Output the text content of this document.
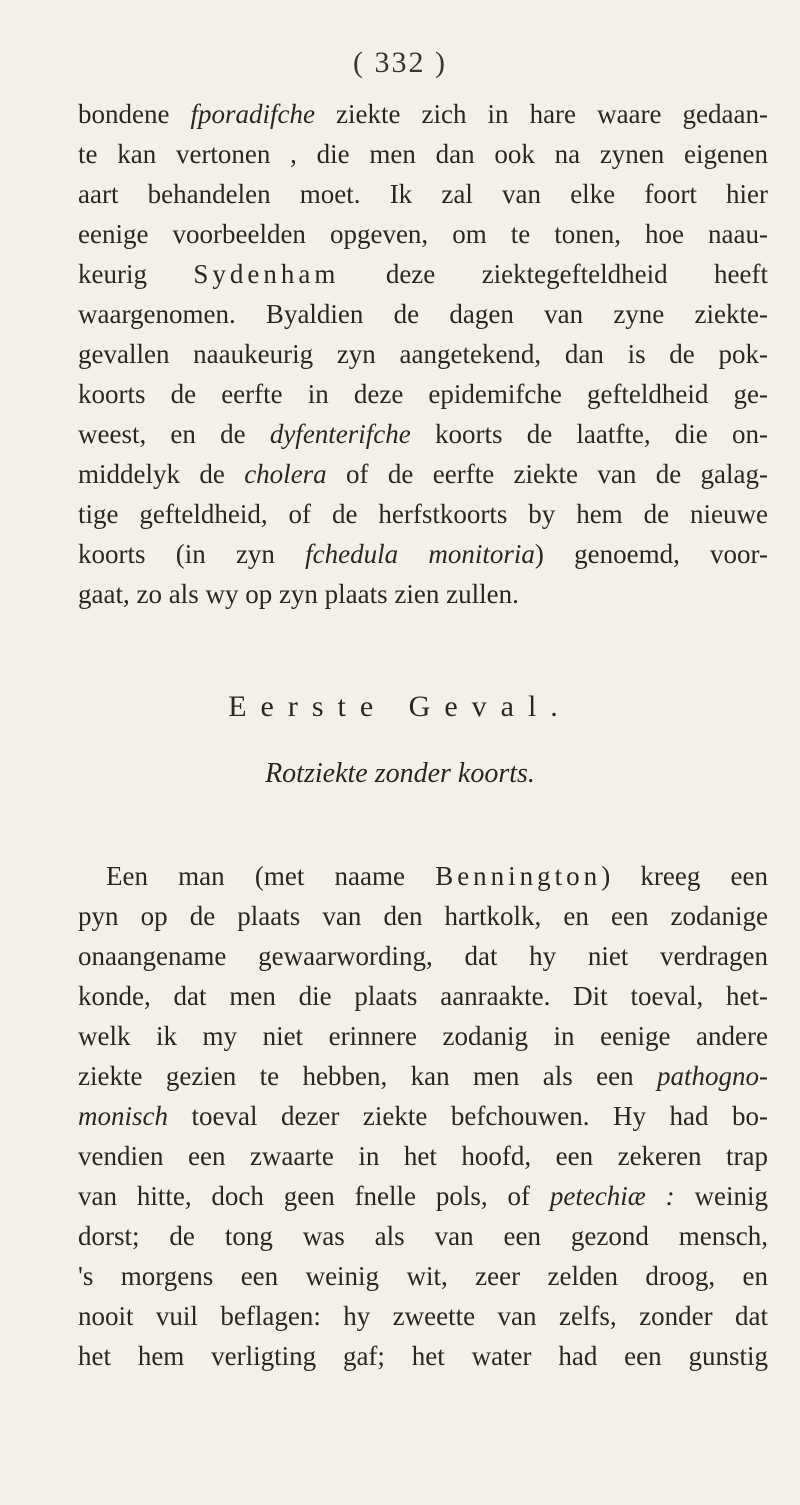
( 332 )
bondene fporadifche ziekte zich in hare waare gedaan-
te kan vertonen , die men dan ook na zynen eigenen
aart behandelen moet. Ik zal van elke foort hier
eenige voorbeelden opgeven, om te tonen, hoe naau-
keurig Sydenham deze ziektegefteldheid heeft
waargenomen. Byaldien de dagen van zyne ziekte-
gevallen naaukeurig zyn aangetekend, dan is de pok-
koorts de eerfte in deze epidemifche gefteldheid ge-
weest, en de dyfenterifche koorts de laatfte, die on-
middelyk de cholera of de eerfte ziekte van de galag-
tige gefteldheid, of de herfstkoorts by hem de nieuwe
koorts (in zyn fchedula monitoria) genoemd, voor-
gaat, zo als wy op zyn plaats zien zullen.
Eerste Geval.
Rotziekte zonder koorts.
Een man (met naame Bennington) kreeg een
pyn op de plaats van den hartkolk, en een zodanige
onaangename gewaarwording, dat hy niet verdragen
konde, dat men die plaats aanraakte. Dit toeval, het-
welk ik my niet erinnere zodanig in eenige andere
ziekte gezien te hebben, kan men als een pathogno-
monisch toeval dezer ziekte befchouwen. Hy had bo-
vendien een zwaarte in het hoofd, een zekeren trap
van hitte, doch geen fnelle pols, of petechiæ : weinig
dorst; de tong was als van een gezond mensch,
's morgens een weinig wit, zeer zelden droog, en
nooit vuil beflagen: hy zweette van zelfs, zonder dat
het hem verligting gaf; het water had een gunstig
